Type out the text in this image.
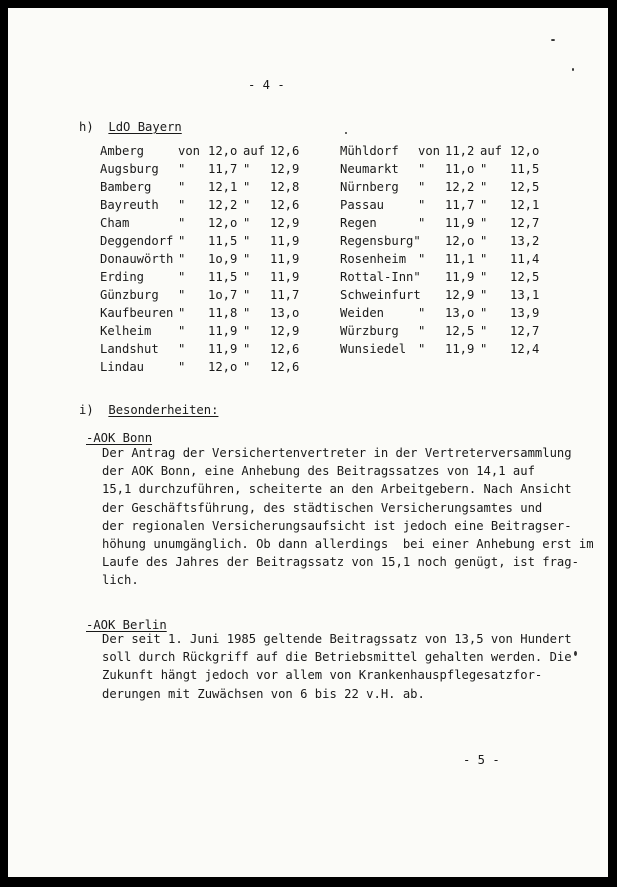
- 4 -
h) LdO Bayern
Amberg	von 12,o auf 12,6
Augsburg " 11,7 " 12,9
Bamberg " 12,1 " 12,8
Bayreuth " 12,2 " 12,6
Cham	" 12,o " 12,9
Deggendorf " 11,5 " 11,9
Donauwörth " 1o,9 " 11,9
Erding	" 11,5 " 11,9
Günzburg " 1o,7 " 11,7
Kaufbeuren " 11,8 " 13,o
Kelheim " 11,9 " 12,9
Landshut " 11,9 " 12,6
Lindau	" 12,o " 12,6
Mühldorf von 11,2 auf 12,o
Neumarkt " 11,o " 11,5
Nürnberg " 12,2 " 12,5
Passau	" 11,7 " 12,1
Regen	" 11,9 " 12,7
Regensburg" 12,o " 13,2
Rosenheim " 11,1 " 11,4
Rottal-Inn" 11,9 " 12,5
Schweinfurt 12,9 " 13,1
Weiden	" 13,o " 13,9
Würzburg " 12,5 " 12,7
Wunsiedel " 11,9 " 12,4
i) Besonderheiten:
-AOK Bonn
Der Antrag der Versichertenvertreter in der Vertreterversammlung
der AOK Bonn, eine Anhebung des Beitragssatzes von 14,1 auf
15,1 durchzuführen, scheiterte an den Arbeitgebern. Nach Ansicht
der Geschäftsführung, des städtischen Versicherungsamtes und
der regionalen Versicherungsaufsicht ist jedoch eine Beitragser-
höhung unumgänglich. Ob dann allerdings  bei einer Anhebung erst im
Laufe des Jahres der Beitragssatz von 15,1 noch genügt, ist frag-
lich.
-AOK Berlin
Der seit 1. Juni 1985 geltende Beitragssatz von 13,5 von Hundert
soll durch Rückgriff auf die Betriebsmittel gehalten werden. Die
Zukunft hängt jedoch vor allem von Krankenhauspflegesatzfor-
derungen mit Zuwächsen von 6 bis 22 v.H. ab.
- 5 -
